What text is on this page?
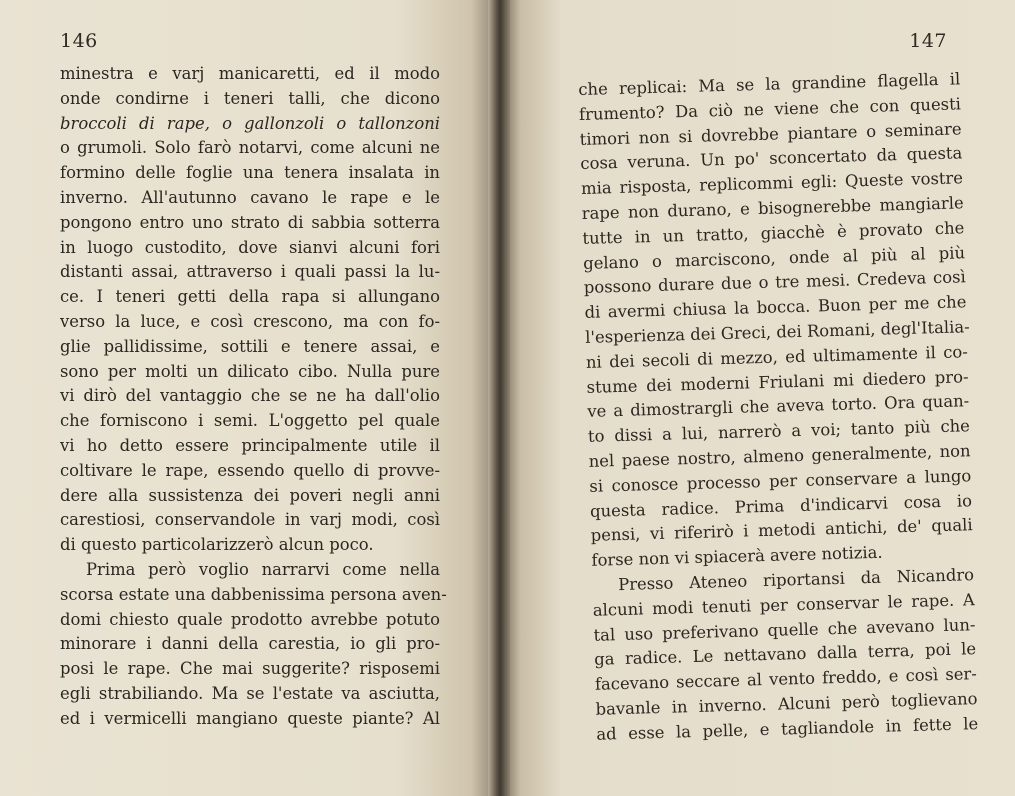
146
minestra e varj manicaretti, ed il modo
onde condirne i teneri talli, che dicono
broccoli di rape, o gallonzoli o tallonzoni
o grumoli. Solo farò notarvi, come alcuni ne
formino delle foglie una tenera insalata in
inverno. All'autunno cavano le rape e le
pongono entro uno strato di sabbia sotterra
in luogo custodito, dove sianvi alcuni fori
distanti assai, attraverso i quali passi la lu-
ce. I teneri getti della rapa si allungano
verso la luce, e così crescono, ma con fo-
glie pallidissime, sottili e tenere assai, e
sono per molti un dilicato cibo. Nulla pure
vi dirò del vantaggio che se ne ha dall'olio
che forniscono i semi. L'oggetto pel quale
vi ho detto essere principalmente utile il
coltivare le rape, essendo quello di provve-
dere alla sussistenza dei poveri negli anni
carestiosi, conservandole in varj modi, così
di questo particolarizzerò alcun poco.
Prima però voglio narrarvi come nella
scorsa estate una dabbenissima persona aven-
domi chiesto quale prodotto avrebbe potuto
minorare i danni della carestia, io gli pro-
posi le rape. Che mai suggerite? risposemi
egli strabiliando. Ma se l'estate va asciutta,
ed i vermicelli mangiano queste piante? Al
147
che replicai: Ma se la grandine flagella il
frumento? Da ciò ne viene che con questi
timori non si dovrebbe piantare o seminare
cosa veruna. Un po' sconcertato da questa
mia risposta, replicommi egli: Queste vostre
rape non durano, e bisognerebbe mangiarle
tutte in un tratto, giacchè è provato che
gelano o marciscono, onde al più al più
possono durare due o tre mesi. Credeva così
di avermi chiusa la bocca. Buon per me che
l'esperienza dei Greci, dei Romani, degl'Italia-
ni dei secoli di mezzo, ed ultimamente il co-
stume dei moderni Friulani mi diedero pro-
ve a dimostrargli che aveva torto. Ora quan-
to dissi a lui, narrerò a voi; tanto più che
nel paese nostro, almeno generalmente, non
si conosce processo per conservare a lungo
questa radice. Prima d'indicarvi cosa io
pensi, vi riferirò i metodi antichi, de' quali
forse non vi spiacerà avere notizia.
Presso Ateneo riportansi da Nicandro
alcuni modi tenuti per conservar le rape. A
tal uso preferivano quelle che avevano lun-
ga radice. Le nettavano dalla terra, poi le
facevano seccare al vento freddo, e così ser-
bavanle in inverno. Alcuni però toglievano
ad esse la pelle, e tagliandole in fette le
